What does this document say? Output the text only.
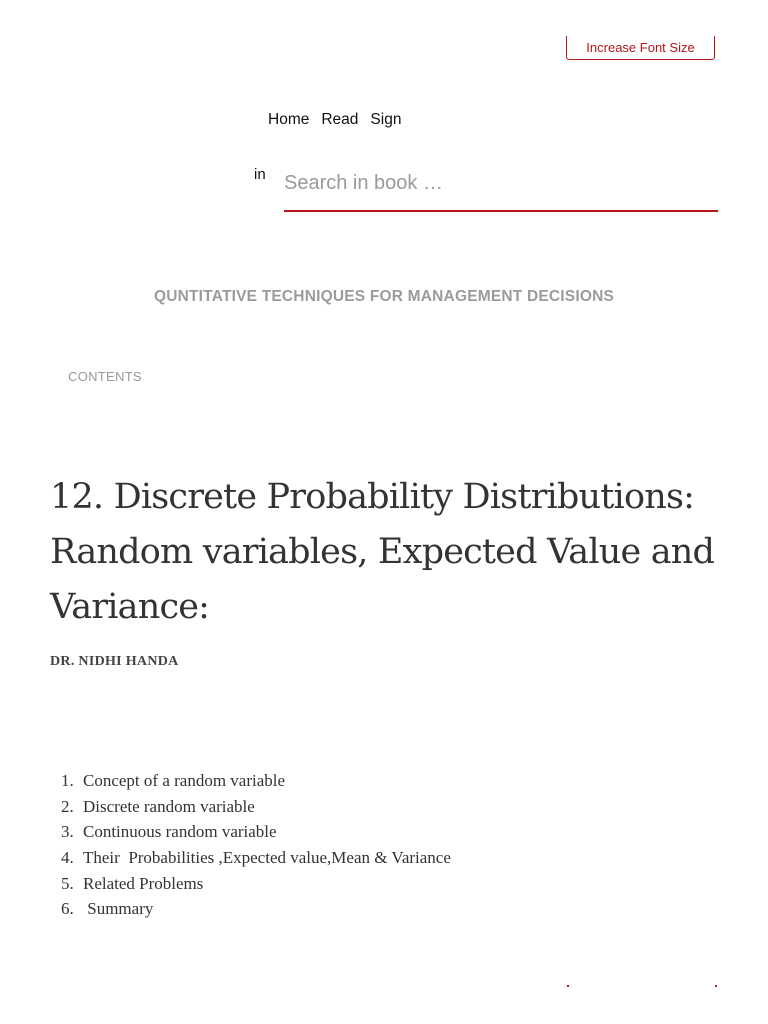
Increase Font Size
Home Read Sign
in
Search in book …
QUNTITATIVE TECHNIQUES FOR MANAGEMENT DECISIONS
CONTENTS
12. Discrete Probability Distributions: Random variables, Expected Value and Variance:
DR. NIDHI HANDA
1. Concept of a random variable
2. Discrete random variable
3. Continuous random variable
4. Their  Probabilities ,Expected value,Mean & Variance
5. Related Problems
6. Summary
